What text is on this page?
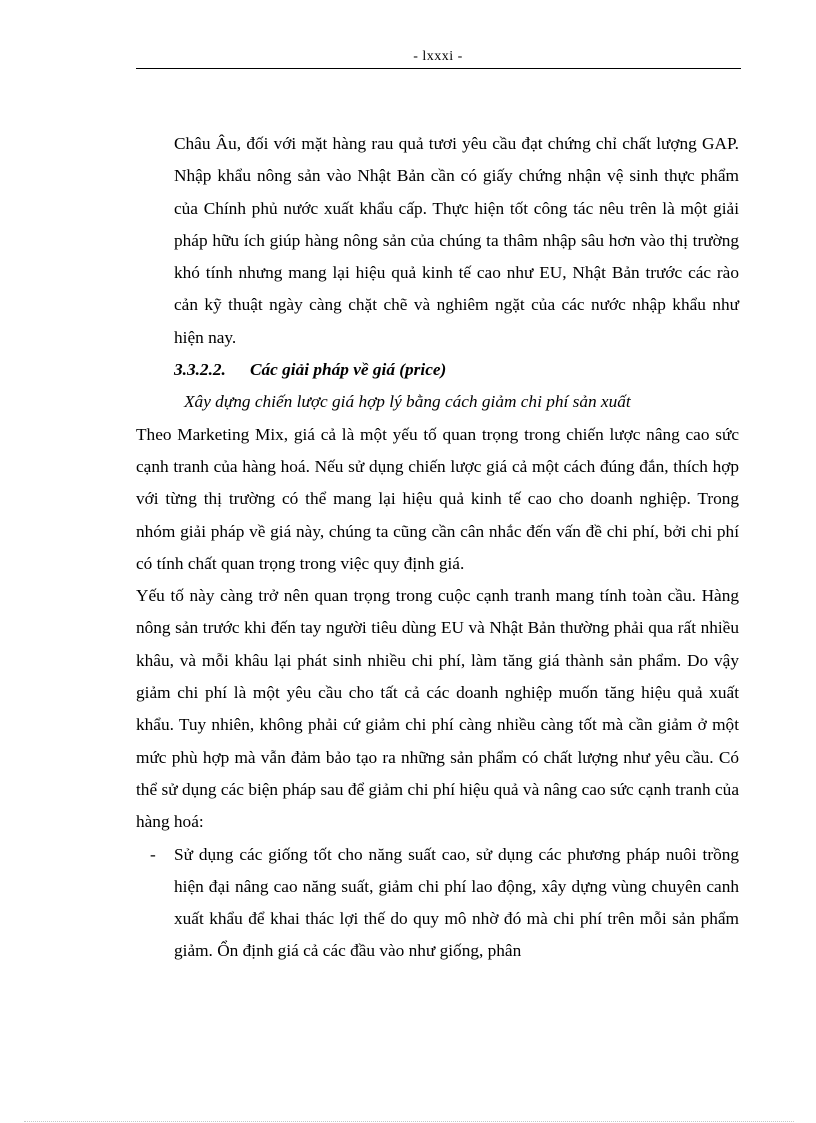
- lxxxi -

Châu Âu, đối với mặt hàng rau quả tươi yêu cầu đạt chứng chỉ chất lượng GAP. Nhập khẩu nông sản vào Nhật Bản cần có giấy chứng nhận vệ sinh thực phẩm của Chính phủ nước xuất khẩu cấp. Thực hiện tốt công tác nêu trên là một giải pháp hữu ích giúp hàng nông sản của chúng ta thâm nhập sâu hơn vào thị trường khó tính nhưng mang lại hiệu quả kinh tế cao như EU, Nhật Bản trước các rào cản kỹ thuật ngày càng chặt chẽ và nghiêm ngặt của các nước nhập khẩu như hiện nay.

3.3.2.2. Các giải pháp về giá (price)

Xây dựng chiến lược giá hợp lý bằng cách giảm chi phí sản xuất

Theo Marketing Mix, giá cả là một yếu tố quan trọng trong chiến lược nâng cao sức cạnh tranh của hàng hoá. Nếu sử dụng chiến lược giá cả một cách đúng đắn, thích hợp với từng thị trường có thể mang lại hiệu quả kinh tế cao cho doanh nghiệp. Trong nhóm giải pháp về giá này, chúng ta cũng cần cân nhắc đến vấn đề chi phí, bởi chi phí có tính chất quan trọng trong việc quy định giá.

Yếu tố này càng trở nên quan trọng trong cuộc cạnh tranh mang tính toàn cầu. Hàng nông sản trước khi đến tay người tiêu dùng EU và Nhật Bản thường phải qua rất nhiều khâu, và mỗi khâu lại phát sinh nhiều chi phí, làm tăng giá thành sản phẩm. Do vậy giảm chi phí là một yêu cầu cho tất cả các doanh nghiệp muốn tăng hiệu quả xuất khẩu. Tuy nhiên, không phải cứ giảm chi phí càng nhiều càng tốt mà cần giảm ở một mức phù hợp mà vẫn đảm bảo tạo ra những sản phẩm có chất lượng như yêu cầu. Có thể sử dụng các biện pháp sau để giảm chi phí hiệu quả và nâng cao sức cạnh tranh của hàng hoá:

- Sử dụng các giống tốt cho năng suất cao, sử dụng các phương pháp nuôi trồng hiện đại nâng cao năng suất, giảm chi phí lao động, xây dựng vùng chuyên canh xuất khẩu để khai thác lợi thế do quy mô nhờ đó mà chi phí trên mỗi sản phẩm giảm. Ổn định giá cả các đầu vào như giống, phân
